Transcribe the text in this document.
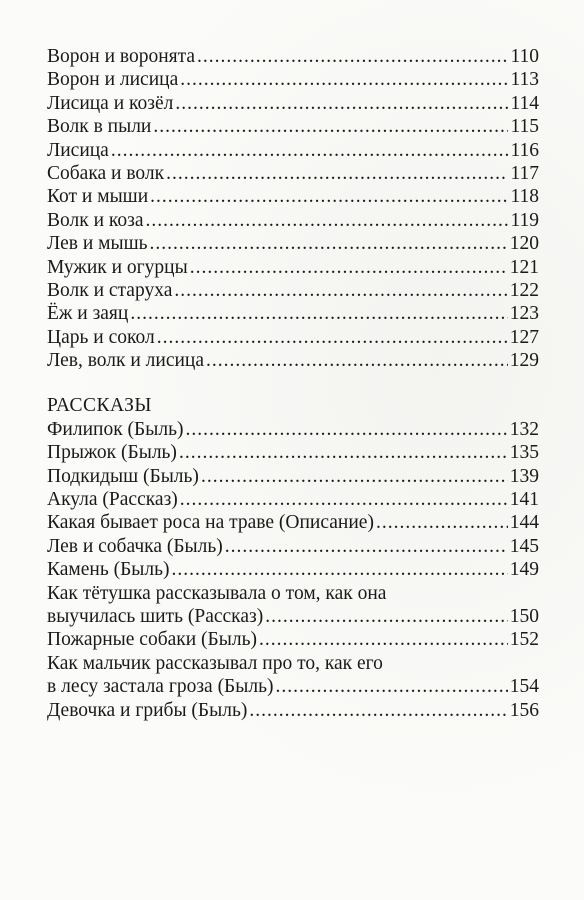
Ворон и воронята .....	110
Ворон и лисица .....	113
Лисица и козёл .....	114
Волк в пыли .....	115
Лисица .....	116
Собака и волк .....	117
Кот и мыши .....	118
Волк и коза .....	119
Лев и мышь .....	120
Мужик и огурцы .....	121
Волк и старуха .....	122
Ёж и заяц .....	123
Царь и сокол .....	127
Лев, волк и лисица .....	129
РАССКАЗЫ
Филипок (Быль) .....	132
Прыжок (Быль) .....	135
Подкидыш (Быль) .....	139
Акула (Рассказ) .....	141
Какая бывает роса на траве (Описание) .....	144
Лев и собачка (Быль) .....	145
Камень (Быль) .....	149
Как тётушка рассказывала о том, как она
выучилась шить (Рассказ) .....	150
Пожарные собаки (Быль) .....	152
Как мальчик рассказывал про то, как его
в лесу застала гроза (Быль) .....	154
Девочка и грибы (Быль) .....	156
